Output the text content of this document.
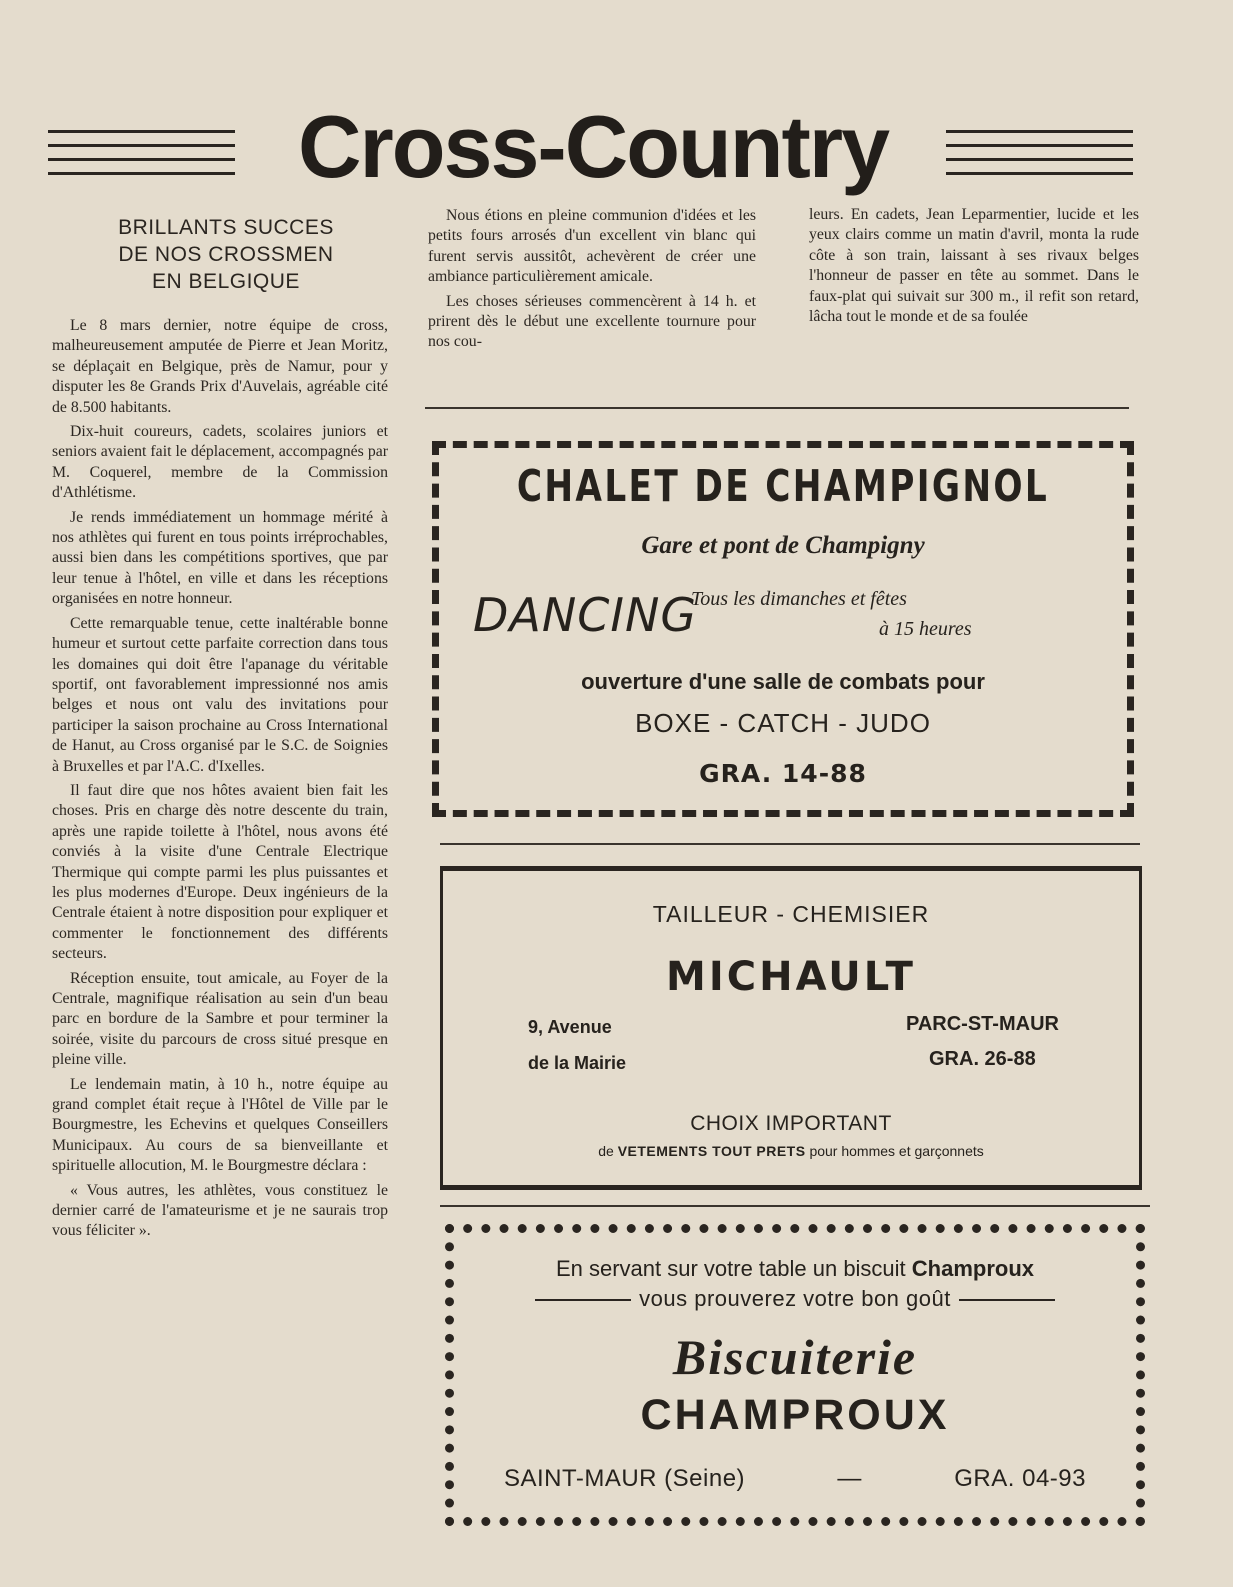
Cross-Country
BRILLANTS SUCCES
DE NOS CROSSMEN
EN BELGIQUE

Le 8 mars dernier, notre équipe de cross, malheureusement amputée de Pierre et Jean Moritz, se déplaçait en Belgique, près de Namur, pour y disputer les 8e Grands Prix d'Auvelais, agréable cité de 8.500 habitants.

Dix-huit coureurs, cadets, scolaires juniors et seniors avaient fait le déplacement, accompagnés par M. Coquerel, membre de la Commission d'Athlétisme.

Je rends immédiatement un hommage mérité à nos athlètes qui furent en tous points irréprochables, aussi bien dans les compétitions sportives, que par leur tenue à l'hôtel, en ville et dans les réceptions organisées en notre honneur.

Cette remarquable tenue, cette inaltérable bonne humeur et surtout cette parfaite correction dans tous les domaines qui doit être l'apanage du véritable sportif, ont favorablement impressionné nos amis belges et nous ont valu des invitations pour participer la saison prochaine au Cross International de Hanut, au Cross organisé par le S.C. de Soignies à Bruxelles et par l'A.C. d'Ixelles.

Il faut dire que nos hôtes avaient bien fait les choses. Pris en charge dès notre descente du train, après une rapide toilette à l'hôtel, nous avons été conviés à la visite d'une Centrale Electrique Thermique qui compte parmi les plus puissantes et les plus modernes d'Europe. Deux ingénieurs de la Centrale étaient à notre disposition pour expliquer et commenter le fonctionnement des différents secteurs.

Réception ensuite, tout amicale, au Foyer de la Centrale, magnifique réalisation au sein d'un beau parc en bordure de la Sambre et pour terminer la soirée, visite du parcours de cross situé presque en pleine ville.

Le lendemain matin, à 10 h., notre équipe au grand complet était reçue à l'Hôtel de Ville par le Bourgmestre, les Echevins et quelques Conseillers Municipaux. Au cours de sa bienveillante et spirituelle allocution, M. le Bourgmestre déclara :

« Vous autres, les athlètes, vous constituez le dernier carré de l'amateurisme et je ne saurais trop vous féliciter ».

Nous étions en pleine communion d'idées et les petits fours arrosés d'un excellent vin blanc qui furent servis aussitôt, achevèrent de créer une ambiance particulièrement amicale.

Les choses sérieuses commencèrent à 14 h. et prirent dès le début une excellente tournure pour nos cou-

leurs. En cadets, Jean Leparmentier, lucide et les yeux clairs comme un matin d'avril, monta la rude côte à son train, laissant à ses rivaux belges l'honneur de passer en tête au sommet. Dans le faux-plat qui suivait sur 300 m., il refit son retard, lâcha tout le monde et de sa foulée

CHALET DE CHAMPIGNOL
Gare et pont de Champigny
DANCING
Tous les dimanches et fêtes
à 15 heures
ouverture d'une salle de combats pour
BOXE - CATCH - JUDO
GRA. 14-88
TAILLEUR - CHEMISIER
MICHAULT
9, Avenue
de la Mairie
PARC-ST-MAUR
GRA. 26-88
CHOIX IMPORTANT
de VETEMENTS TOUT PRETS pour hommes et garçonnets
En servant sur votre table un biscuit Champroux
vous prouverez votre bon goût
Biscuiterie
CHAMPROUX
SAINT-MAUR (Seine)	—	GRA. 04-93
